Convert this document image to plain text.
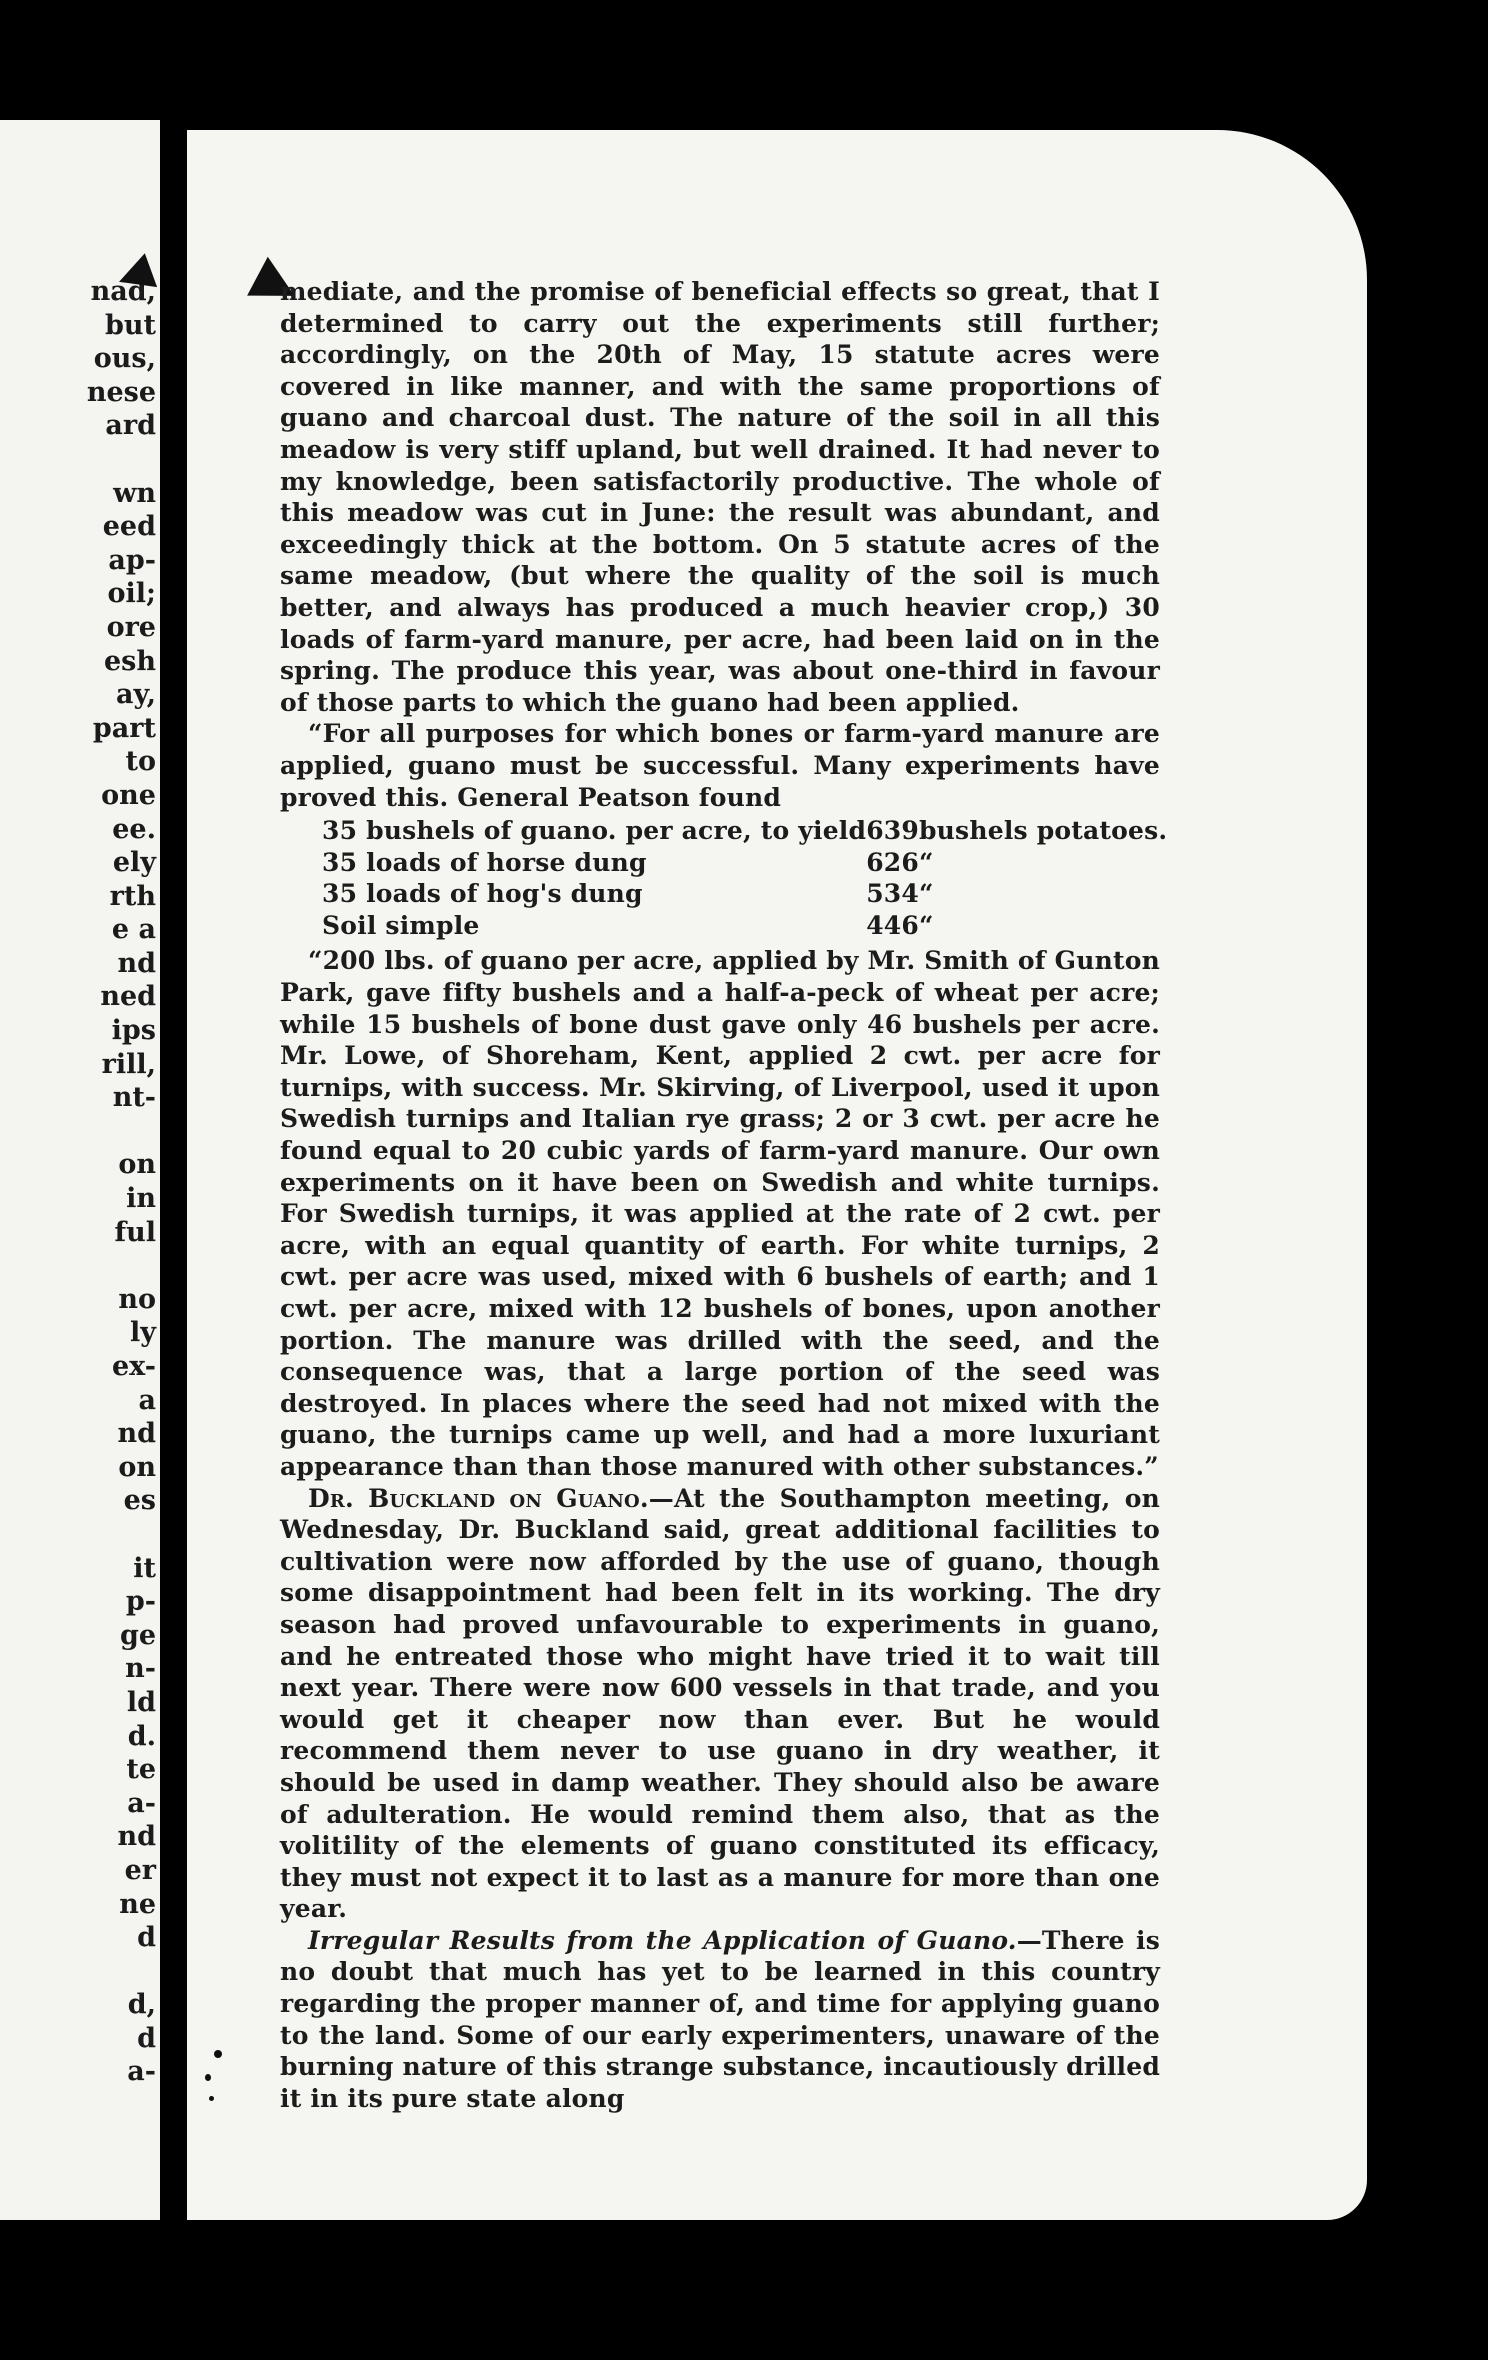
nad,
but
ous,
nese
ard
wn
eed
ap-
oil;
ore
esh
ay,
part
to
one
ee.
ely
rth
e a
nd
ned
ips
rill,
nt-
on
in
ful
no
ly
ex-
a
nd
on
es
it
p-
ge
n-
ld
d.
te
a-
nd
er
ne
d
d,
d
a-

mediate, and the promise of beneficial effects so great, that I determined to carry out the experiments still further; accordingly, on the 20th of May, 15 statute acres were covered in like manner, and with the same proportions of guano and charcoal dust. The nature of the soil in all this meadow is very stiff upland, but well drained. It had never to my knowledge, been satisfactorily productive. The whole of this meadow was cut in June: the result was abundant, and exceedingly thick at the bottom. On 5 statute acres of the same meadow, (but where the quality of the soil is much better, and always has produced a much heavier crop,) 30 loads of farm-yard manure, per acre, had been laid on in the spring. The produce this year, was about one-third in favour of those parts to which the guano had been applied.

“For all purposes for which bones or farm-yard manure are applied, guano must be successful. Many experiments have proved this. General Peatson found

35 bushels of guano. per acre, to yield	639	bushels potatoes.
35 loads of horse dung	626	“
35 loads of hog's dung	534	“
Soil simple	446	“

“200 lbs. of guano per acre, applied by Mr. Smith of Gunton Park, gave fifty bushels and a half-a-peck of wheat per acre; while 15 bushels of bone dust gave only 46 bushels per acre. Mr. Lowe, of Shoreham, Kent, applied 2 cwt. per acre for turnips, with success. Mr. Skirving, of Liverpool, used it upon Swedish turnips and Italian rye grass; 2 or 3 cwt. per acre he found equal to 20 cubic yards of farm-yard manure. Our own experiments on it have been on Swedish and white turnips. For Swedish turnips, it was applied at the rate of 2 cwt. per acre, with an equal quantity of earth. For white turnips, 2 cwt. per acre was used, mixed with 6 bushels of earth; and 1 cwt. per acre, mixed with 12 bushels of bones, upon another portion. The manure was drilled with the seed, and the consequence was, that a large portion of the seed was destroyed. In places where the seed had not mixed with the guano, the turnips came up well, and had a more luxuriant appearance than than those manured with other substances.”

Dr. Buckland on Guano.—At the Southampton meeting, on Wednesday, Dr. Buckland said, great additional facilities to cultivation were now afforded by the use of guano, though some disappointment had been felt in its working. The dry season had proved unfavourable to experiments in guano, and he entreated those who might have tried it to wait till next year. There were now 600 vessels in that trade, and you would get it cheaper now than ever. But he would recommend them never to use guano in dry weather, it should be used in damp weather. They should also be aware of adulteration. He would remind them also, that as the volitility of the elements of guano constituted its efficacy, they must not expect it to last as a manure for more than one year.

Irregular Results from the Application of Guano.—There is no doubt that much has yet to be learned in this country regarding the proper manner of, and time for applying guano to the land. Some of our early experimenters, unaware of the burning nature of this strange substance, incautiously drilled it in its pure state along
